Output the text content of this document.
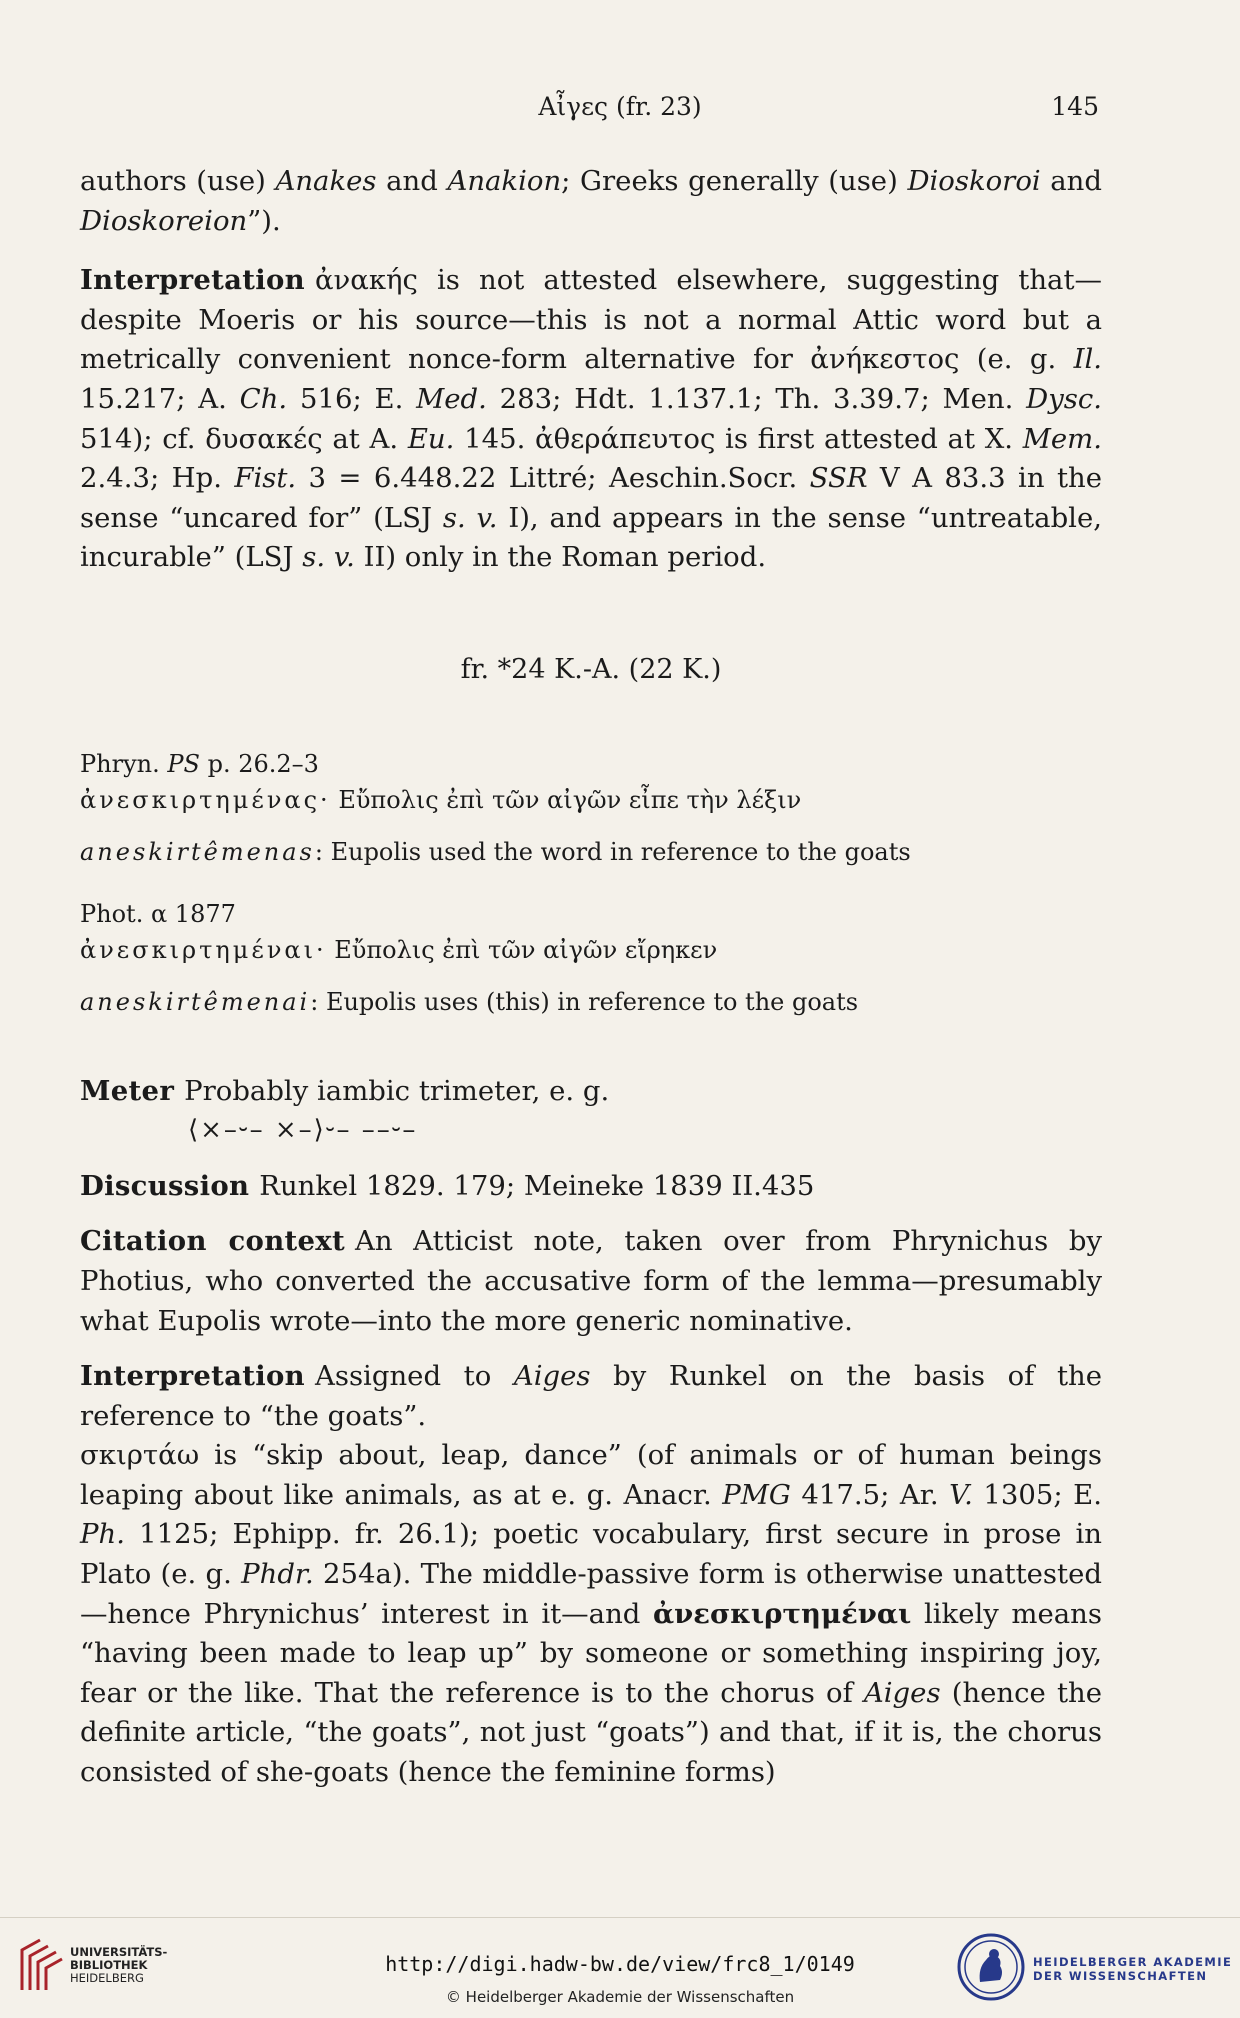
Αἶγες (fr. 23)	145

authors (use) Anakes and Anakion; Greeks generally (use) Dioskoroi and Dioskoreion”).

Interpretation ἀνακής is not attested elsewhere, suggesting that—despite Moeris or his source—this is not a normal Attic word but a metrically convenient nonce-form alternative for ἀνήκεστος (e. g. Il. 15.217; A. Ch. 516; E. Med. 283; Hdt. 1.137.1; Th. 3.39.7; Men. Dysc. 514); cf. δυσακές at A. Eu. 145. ἀθεράπευτος is first attested at X. Mem. 2.4.3; Hp. Fist. 3 = 6.448.22 Littré; Aeschin.Socr. SSR V A 83.3 in the sense “uncared for” (LSJ s. v. I), and appears in the sense “untreatable, incurable” (LSJ s. v. II) only in the Roman period.

fr. *24 K.-A. (22 K.)

Phryn. PS p. 26.2–3

ἀνεσκιρτημένας· Εὔπολις ἐπὶ τῶν αἰγῶν εἶπε τὴν λέξιν

aneskirtêmenas: Eupolis used the word in reference to the goats

Phot. α 1877

ἀνεσκιρτημέναι· Εὔπολις ἐπὶ τῶν αἰγῶν εἴρηκεν

aneskirtêmenai: Eupolis uses (this) in reference to the goats

Meter Probably iambic trimeter, e. g.

⟨×–⏑– ×–⟩⏑– ––⏑–

Discussion Runkel 1829. 179; Meineke 1839 II.435

Citation context An Atticist note, taken over from Phrynichus by Photius, who converted the accusative form of the lemma—presumably what Eupolis wrote—into the more generic nominative.

Interpretation Assigned to Aiges by Runkel on the basis of the reference to “the goats”.

σκιρτάω is “skip about, leap, dance” (of animals or of human beings leaping about like animals, as at e. g. Anacr. PMG 417.5; Ar. V. 1305; E. Ph. 1125; Ephipp. fr. 26.1); poetic vocabulary, first secure in prose in Plato (e. g. Phdr. 254a). The middle-passive form is otherwise unattested—hence Phrynichus’ interest in it—and ἀνεσκιρτημέναι likely means “having been made to leap up” by someone or something inspiring joy, fear or the like. That the reference is to the chorus of Aiges (hence the definite article, “the goats”, not just “goats”) and that, if it is, the chorus consisted of she-goats (hence the feminine forms)

UNIVERSITÄTS-
BIBLIOTHEK
HEIDELBERG
http://digi.hadw-bw.de/view/frc8_1/0149
© Heidelberger Akademie der Wissenschaften
HEIDELBERGER AKADEMIE
DER WISSENSCHAFTEN
